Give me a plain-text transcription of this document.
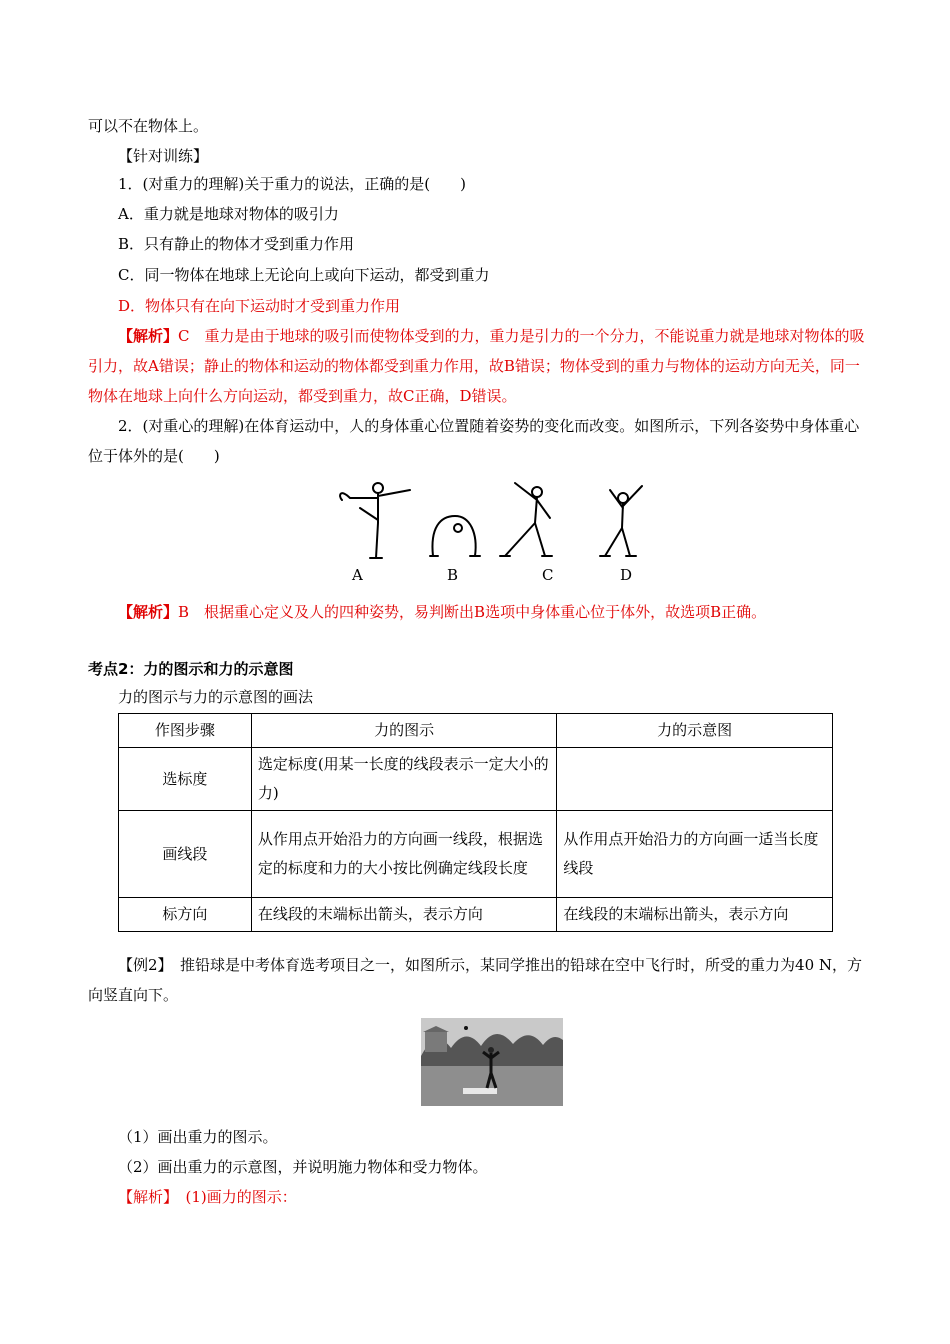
可以不在物体上。
【针对训练】
1．(对重力的理解)关于重力的说法，正确的是(　　)
A．重力就是地球对物体的吸引力
B．只有静止的物体才受到重力作用
C．同一物体在地球上无论向上或向下运动，都受到重力
D．物体只有在向下运动时才受到重力作用
【解析】C　重力是由于地球的吸引而使物体受到的力，重力是引力的一个分力，不能说重力就是地球对物体的吸引力，故A错误；静止的物体和运动的物体都受到重力作用，故B错误；物体受到的重力与物体的运动方向无关，同一物体在地球上向什么方向运动，都受到重力，故C正确，D错误。
2．(对重心的理解)在体育运动中，人的身体重心位置随着姿势的变化而改变。如图所示，下列各姿势中身体重心位于体外的是(　　)
A	B	C	D
【解析】B　根据重心定义及人的四种姿势，易判断出B选项中身体重心位于体外，故选项B正确。
考点2：力的图示和力的示意图
力的图示与力的示意图的画法
作图步骤	力的图示	力的示意图
选标度	选定标度(用某一长度的线段表示一定大小的力)	
画线段	从作用点开始沿力的方向画一线段，根据选定的标度和力的大小按比例确定线段长度	从作用点开始沿力的方向画一适当长度线段
标方向	在线段的末端标出箭头，表示方向	在线段的末端标出箭头，表示方向
【例2】　推铅球是中考体育选考项目之一，如图所示，某同学推出的铅球在空中飞行时，所受的重力为40 N，方向竖直向下。
（1）画出重力的图示。
（2）画出重力的示意图，并说明施力物体和受力物体。
【解析】　(1)画力的图示：
